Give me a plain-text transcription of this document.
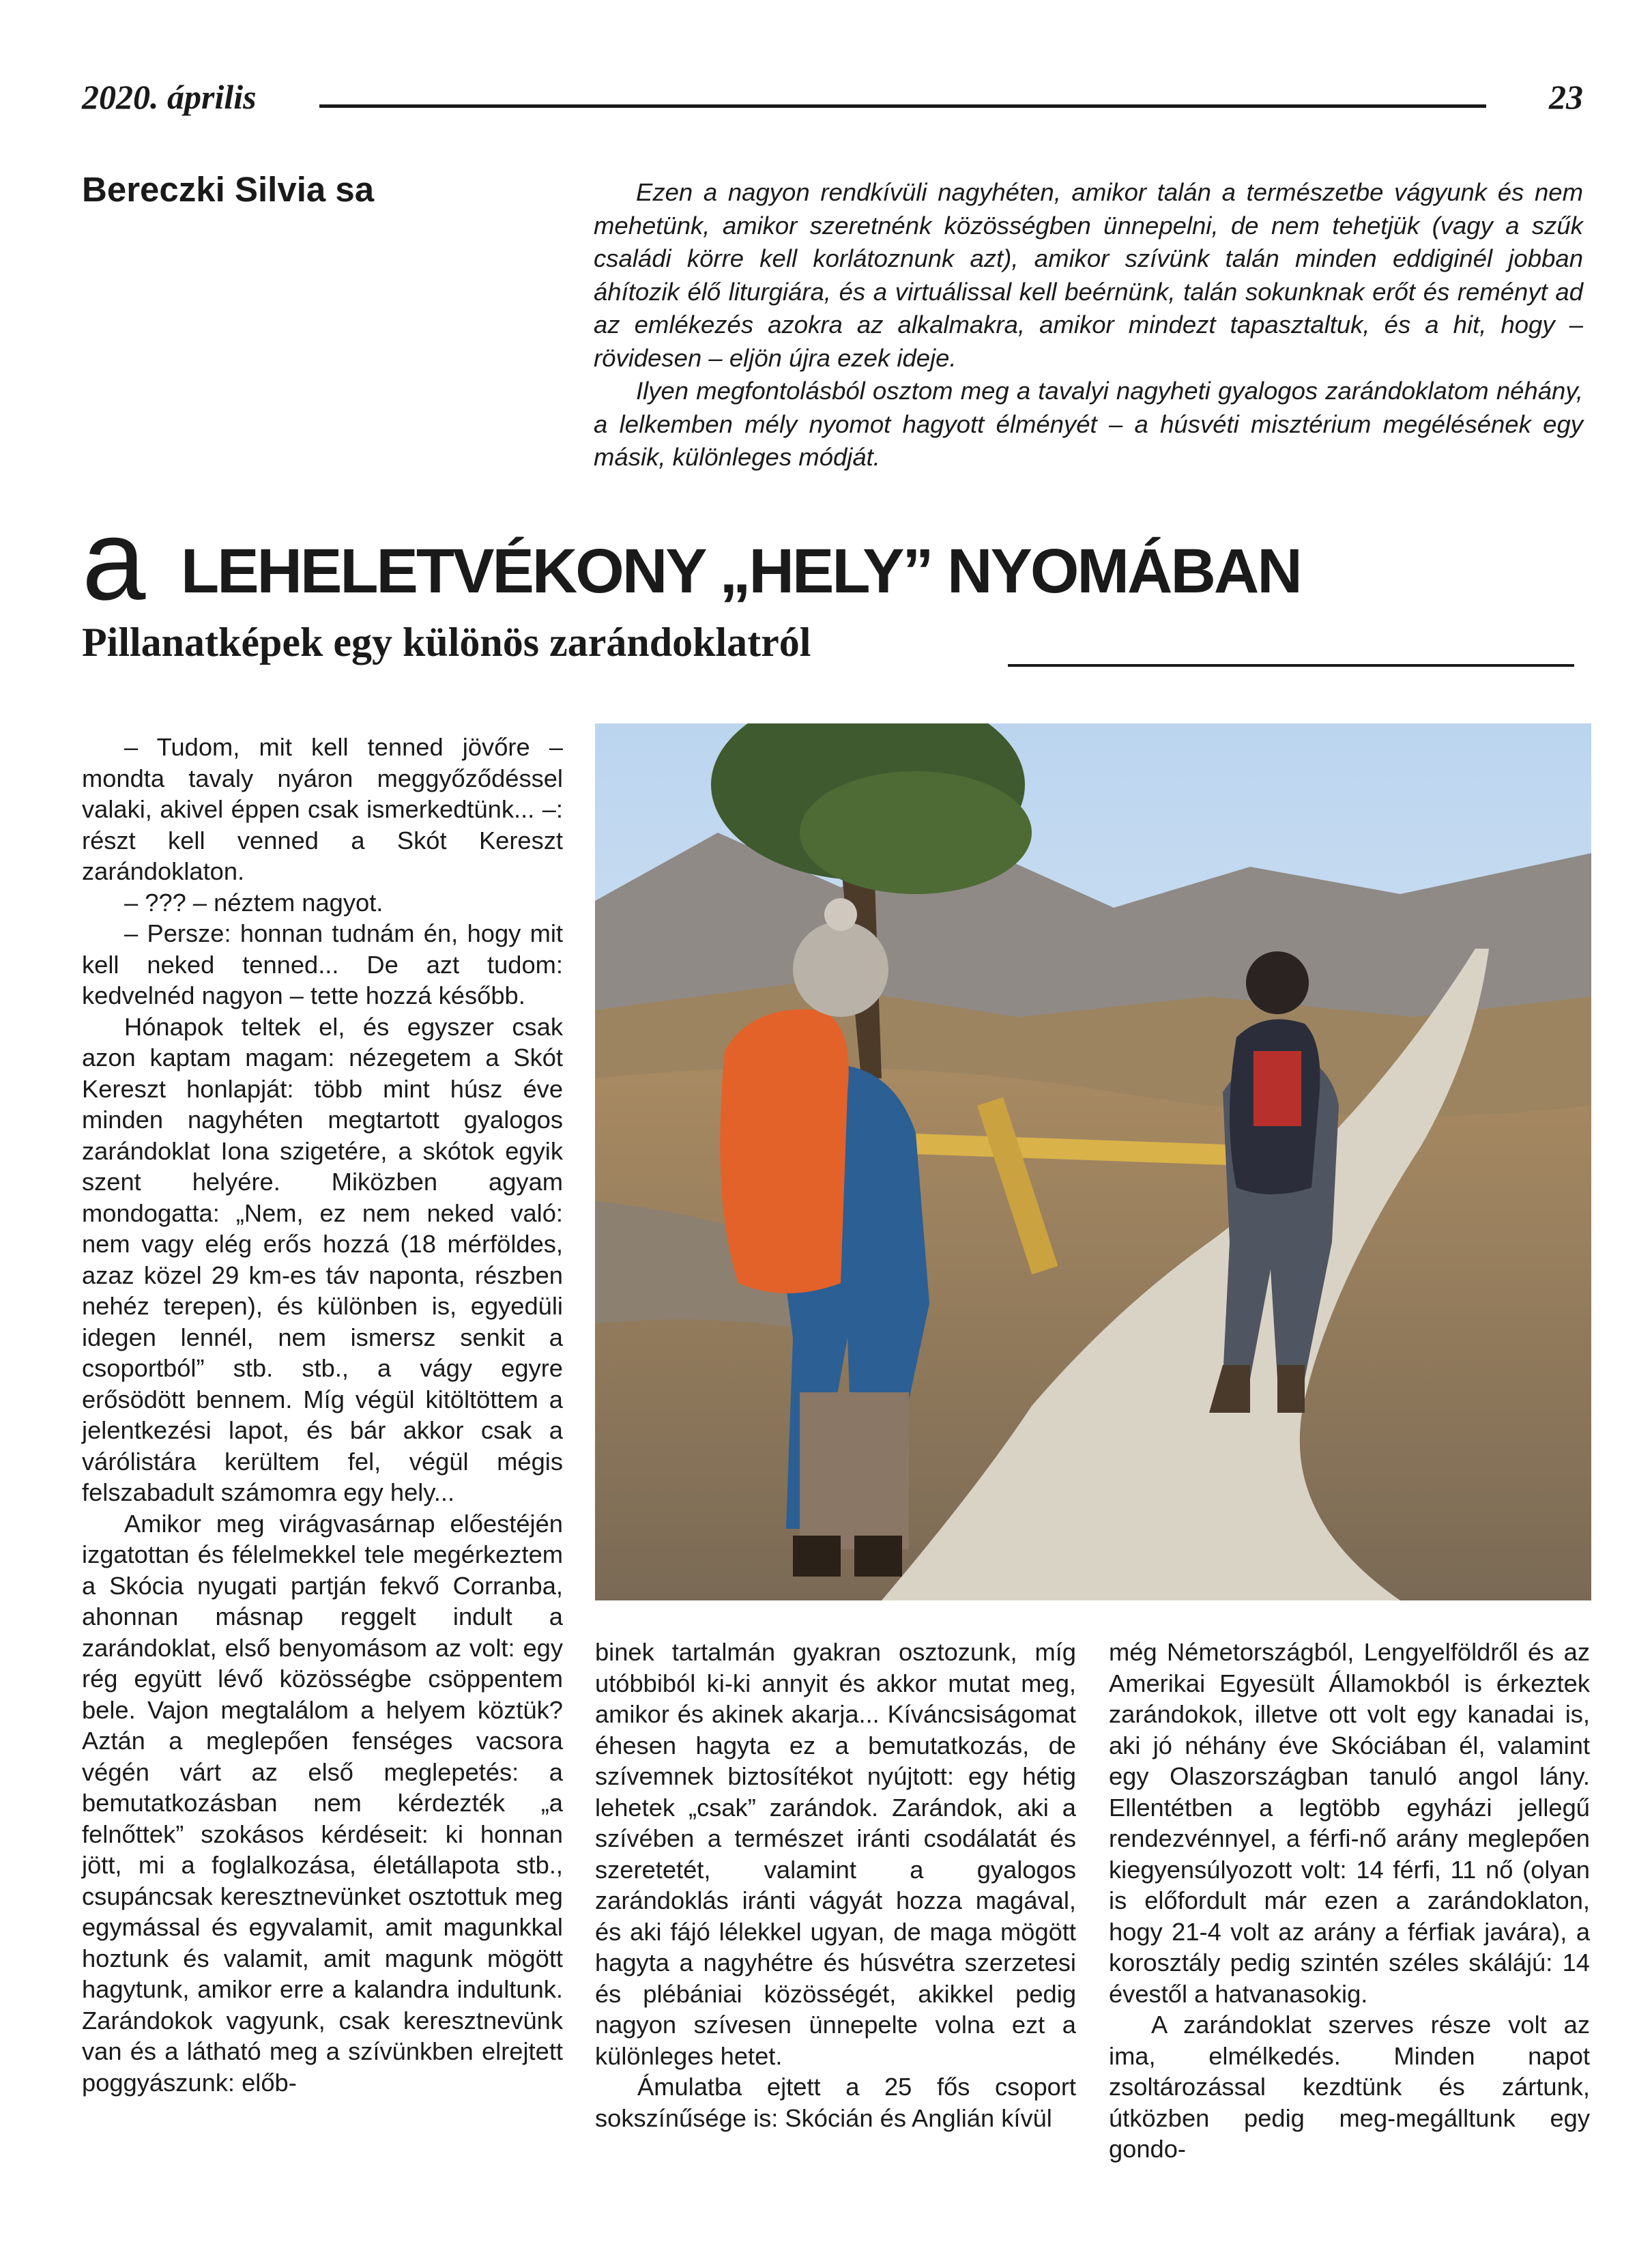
2020. április	23
Bereczki Silvia sa	Ezen a nagyon rendkívüli nagyhéten, amikor talán a természetbe vágyunk és nem mehetünk, amikor szeretnénk közösségben ünnepelni, de nem tehetjük (vagy a szűk családi körre kell korlátoznunk azt), amikor szívünk talán minden eddiginél jobban áhítozik élő liturgiára, és a virtuálissal kell beérnünk, talán sokunknak erőt és reményt ad az emlékezés azokra az alkalmakra, amikor mindezt tapasztaltuk, és a hit, hogy – rövidesen – eljön újra ezek ideje.

Ilyen megfontolásból osztom meg a tavalyi nagyheti gyalogos zarándoklatom néhány, a lelkemben mély nyomot hagyott élményét – a húsvéti misztérium megélésének egy másik, különleges módját.

a LEHELETVÉKONY „HELY” NYOMÁBAN
Pillanatképek egy különös zarándoklatról

– Tudom, mit kell tenned jövőre – mondta tavaly nyáron meggyőződéssel valaki, akivel éppen csak ismerkedtünk... –: részt kell venned a Skót Kereszt zarándoklaton.

– ??? – néztem nagyot.

– Persze: honnan tudnám én, hogy mit kell neked tenned... De azt tudom: kedvelnéd nagyon – tette hozzá később.

Hónapok teltek el, és egyszer csak azon kaptam magam: nézegetem a Skót Kereszt honlapját: több mint húsz éve minden nagyhéten megtartott gyalogos zarándoklat Iona szigetére, a skótok egyik szent helyére. Miközben agyam mondogatta: „Nem, ez nem neked való: nem vagy elég erős hozzá (18 mérföldes, azaz közel 29 km-es táv naponta, részben nehéz terepen), és különben is, egyedüli idegen lennél, nem ismersz senkit a csoportból” stb. stb., a vágy egyre erősödött bennem. Míg végül kitöltöttem a jelentkezési lapot, és bár akkor csak a várólistára kerültem fel, végül mégis felszabadult számomra egy hely...

Amikor meg virágvasárnap előestéjén izgatottan és félelmekkel tele megérkeztem a Skócia nyugati partján fekvő Corranba, ahonnan másnap reggelt indult a zarándoklat, első benyomásom az volt: egy rég együtt lévő közösségbe csöppentem bele. Vajon megtalálom a helyem köztük? Aztán a meglepően fenséges vacsora végén várt az első meglepetés: a bemutatkozásban nem kérdezték „a felnőttek” szokásos kérdéseit: ki honnan jött, mi a foglalkozása, életállapota stb., csupáncsak keresztnevünket osztottuk meg egymással és egyvalamit, amit magunkkal hoztunk és valamit, amit magunk mögött hagytunk, amikor erre a kalandra indultunk. Zarándokok vagyunk, csak keresztnevünk van és a látható meg a szívünkben elrejtett poggyászunk: előb-

binek tartalmán gyakran osztozunk, míg utóbbiból ki-ki annyit és akkor mutat meg, amikor és akinek akarja... Kíváncsiságomat éhesen hagyta ez a bemutatkozás, de szívemnek biztosítékot nyújtott: egy hétig lehetek „csak” zarándok. Zarándok, aki a szívében a természet iránti csodálatát és szeretetét, valamint a gyalogos zarándoklás iránti vágyát hozza magával, és aki fájó lélekkel ugyan, de maga mögött hagyta a nagyhétre és húsvétra szerzetesi és plébániai közösségét, akikkel pedig nagyon szívesen ünnepelte volna ezt a különleges hetet.

Ámulatba ejtett a 25 fős csoport sokszínűsége is: Skócián és Anglián kívül

még Németországból, Lengyelföldről és az Amerikai Egyesült Államokból is érkeztek zarándokok, illetve ott volt egy kanadai is, aki jó néhány éve Skóciában él, valamint egy Olaszországban tanuló angol lány. Ellentétben a legtöbb egyházi jellegű rendezvénnyel, a férfi-nő arány meglepően kiegyensúlyozott volt: 14 férfi, 11 nő (olyan is előfordult már ezen a zarándoklaton, hogy 21-4 volt az arány a férfiak javára), a korosztály pedig szintén széles skálájú: 14 évestől a hatvanasokig.

A zarándoklat szerves része volt az ima, elmélkedés. Minden napot zsoltározással kezdtünk és zártunk, útközben pedig meg-megálltunk egy gondo-
